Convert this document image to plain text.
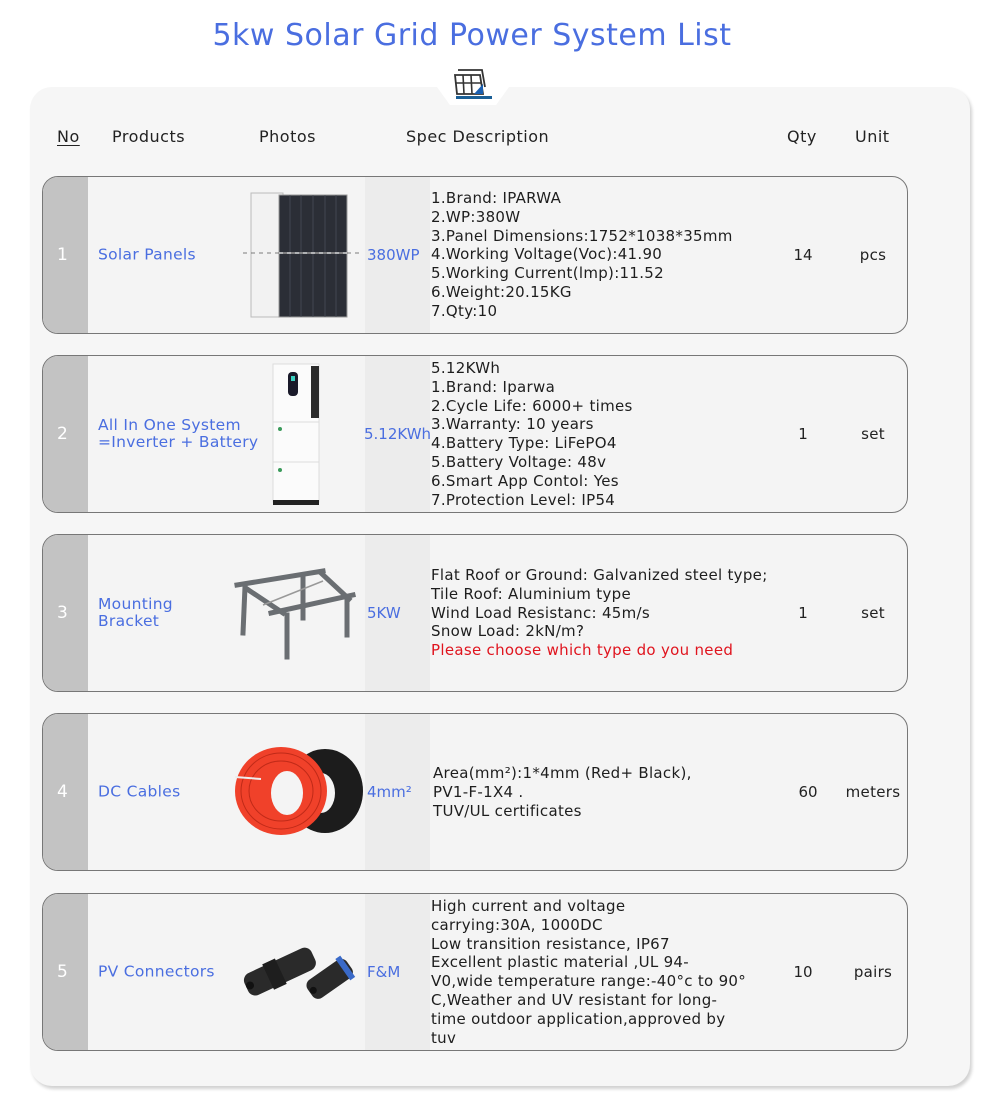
5kw Solar Grid Power System List
No Products	Photos	Spec Description	Qty Unit
1 Solar Panels	380WP
1.Brand: IPARWA
2.WP:380W
3.Panel Dimensions:1752*1038*35mm
4.Working Voltage(Voc):41.90
5.Working Current(lmp):11.52
6.Weight:20.15KG
7.Qty:10
14	pcs
2 All In One System
=Inverter + Battery	5.12KWh
5.12KWh
1.Brand: Iparwa
2.Cycle Life: 6000+ times
3.Warranty: 10 years
4.Battery Type: LiFePO4
5.Battery Voltage: 48v
6.Smart App Contol: Yes
7.Protection Level: IP54
1	set
3 Mounting
Bracket	5KW
Flat Roof or Ground: Galvanized steel type;
Tile Roof: Aluminium type
Wind Load Resistanc: 45m/s
Snow Load: 2kN/m?
Please choose which type do you need
1	set
4 DC Cables	4mm²
Area(mm²):1*4mm (Red+ Black),
PV1-F-1X4 .
TUV/UL certificates
60	meters
5 PV Connectors	F&M
High current and voltage
carrying:30A, 1000DC
Low transition resistance, IP67
Excellent plastic material ,UL 94-
V0,wide temperature range:-40°c to 90°
C,Weather and UV resistant for long-
time outdoor application,approved by
tuv
10	pairs
